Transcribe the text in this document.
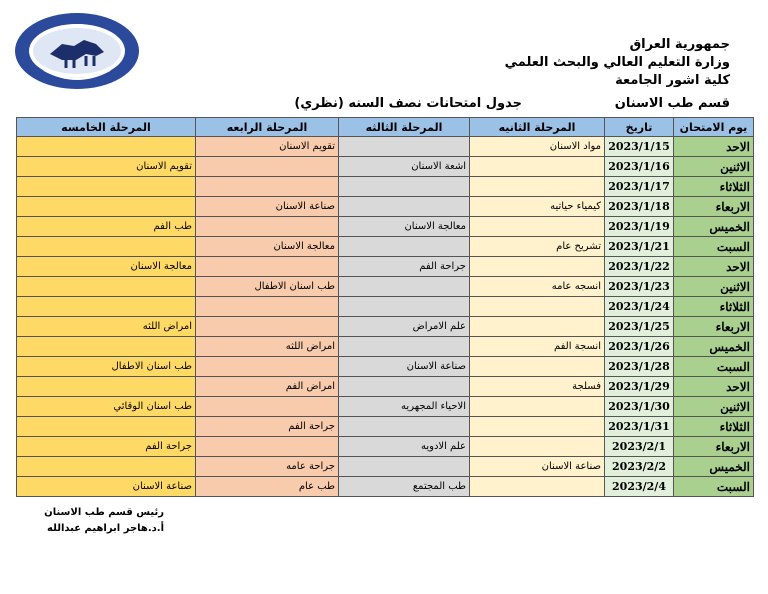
جمهورية العراق
وزارة التعليم العالي والبحث العلمي
كلية اشور الجامعة
قسم طب الاسنان
جدول امتحانات نصف السنه (نظري)
يوم الامتحان	تاريخ	المرحلة الثانيه	المرحلة الثالثه	المرحلة الرابعه	المرحلة الخامسه
الاحد	2023/1/15	مواد الاسنان		تقويم الاسنان	
الاثنين	2023/1/16		اشعة الاسنان		تقويم الاسنان
الثلاثاء	2023/1/17				
الاربعاء	2023/1/18	كيمياء حياتيه		صناعة الاسنان	
الخميس	2023/1/19		معالجة الاسنان		طب الفم
السبت	2023/1/21	تشريح عام		معالجة الاسنان	
الاحد	2023/1/22		جراحة الفم		معالجة الاسنان
الاثنين	2023/1/23	انسجه عامه		طب اسنان الاطفال	
الثلاثاء	2023/1/24				
الاربعاء	2023/1/25		علم الامراض		امراض اللثه
الخميس	2023/1/26	انسجة الفم		امراض اللثه	
السبت	2023/1/28		صناعة الاسنان		طب اسنان الاطفال
الاحد	2023/1/29	فسلجة		امراض الفم	
الاثنين	2023/1/30		الاحياء المجهريه		طب اسنان الوقائي
الثلاثاء	2023/1/31			جراحة الفم	
الاربعاء	2023/2/1		علم الادويه		جراحة الفم
الخميس	2023/2/2	صناعة الاسنان		جراحة عامه	
السبت	2023/2/4		طب المجتمع	طب عام	صناعة الاسنان
رئيس قسم طب الاسنان
أ.د.هاجر ابراهيم عبدالله
